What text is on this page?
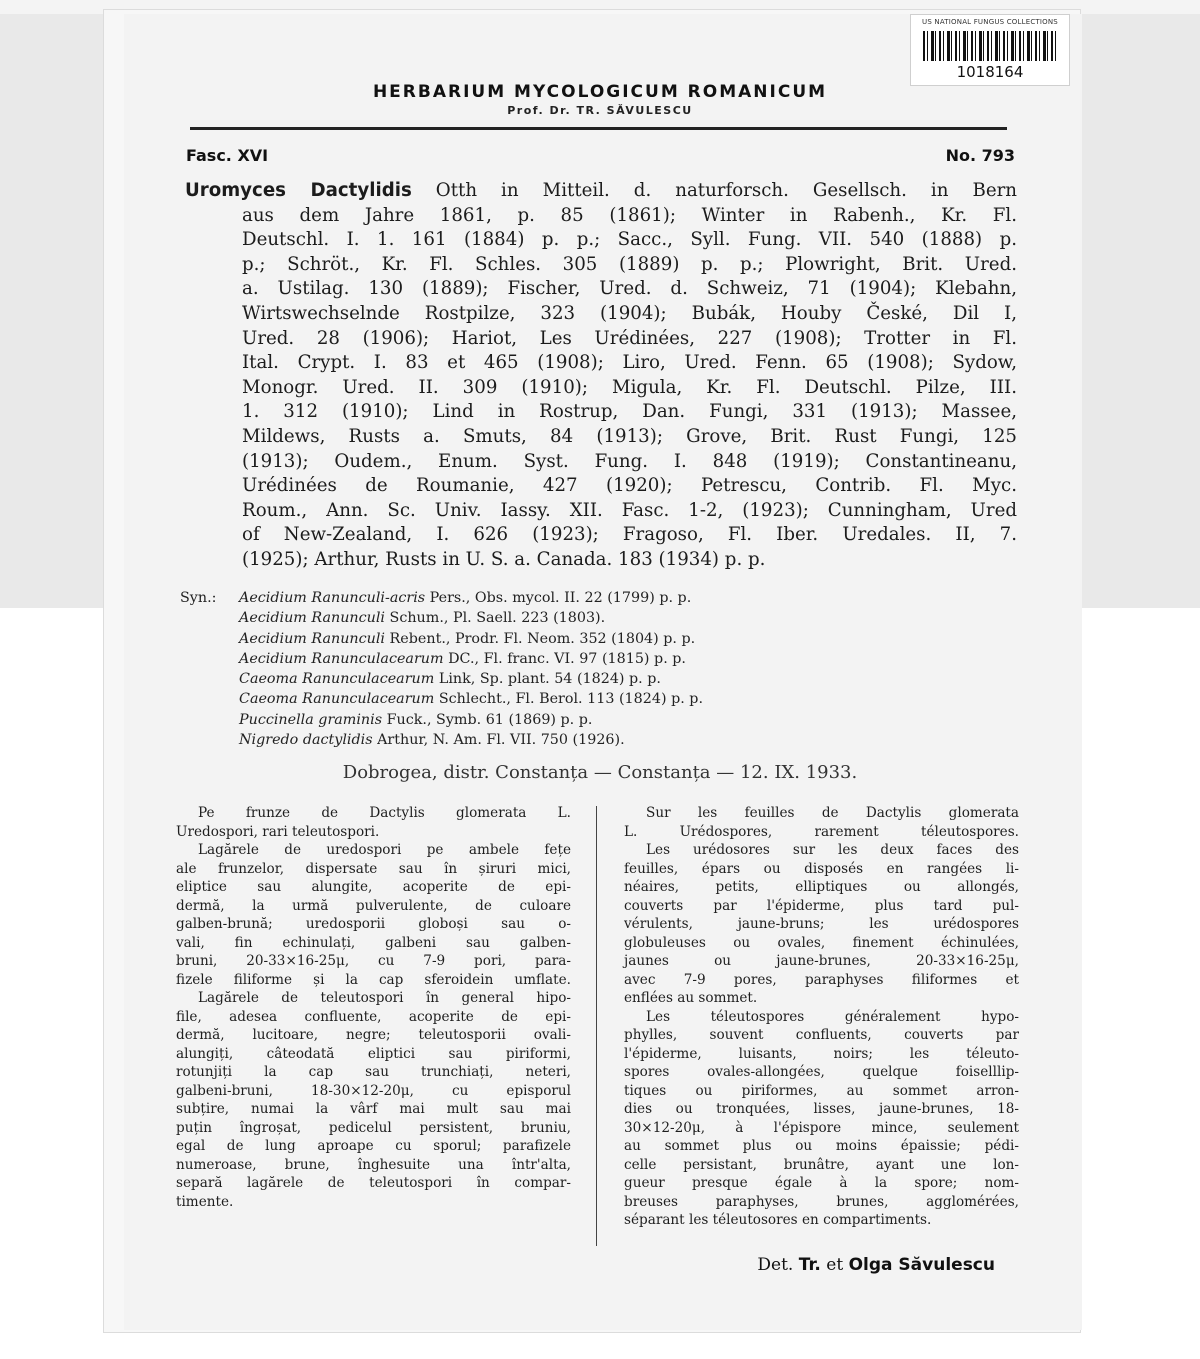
US NATIONAL FUNGUS COLLECTIONS
1018164
HERBARIUM MYCOLOGICUM ROMANICUM
Prof. Dr. TR. SĂVULESCU
Fasc. XVI	No. 793
Uromyces Dactylidis Otth in Mitteil. d. naturforsch. Gesellsch. in Bern
aus dem Jahre 1861, p. 85 (1861); Winter in Rabenh., Kr. Fl.
Deutschl. I. 1. 161 (1884) p. p.; Sacc., Syll. Fung. VII. 540 (1888) p.
p.; Schröt., Kr. Fl. Schles. 305 (1889) p. p.; Plowright, Brit. Ured.
a. Ustilag. 130 (1889); Fischer, Ured. d. Schweiz, 71 (1904); Klebahn,
Wirtswechselnde Rostpilze, 323 (1904); Bubák, Houby České, Dil I,
Ured. 28 (1906); Hariot, Les Urédinées, 227 (1908); Trotter in Fl.
Ital. Crypt. I. 83 et 465 (1908); Liro, Ured. Fenn. 65 (1908); Sydow,
Monogr. Ured. II. 309 (1910); Migula, Kr. Fl. Deutschl. Pilze, III.
1. 312 (1910); Lind in Rostrup, Dan. Fungi, 331 (1913); Massee,
Mildews, Rusts a. Smuts, 84 (1913); Grove, Brit. Rust Fungi, 125
(1913); Oudem., Enum. Syst. Fung. I. 848 (1919); Constantineanu,
Urédinées de Roumanie, 427 (1920); Petrescu, Contrib. Fl. Myc.
Roum., Ann. Sc. Univ. Iassy. XII. Fasc. 1-2, (1923); Cunningham, Ured
of New-Zealand, I. 626 (1923); Fragoso, Fl. Iber. Uredales. II, 7.
(1925); Arthur, Rusts in U. S. a. Canada. 183 (1934) p. p.
Syn.: Aecidium Ranunculi-acris Pers., Obs. mycol. II. 22 (1799) p. p.
Aecidium Ranunculi Schum., Pl. Saell. 223 (1803).
Aecidium Ranunculi Rebent., Prodr. Fl. Neom. 352 (1804) p. p.
Aecidium Ranunculacearum DC., Fl. franc. VI. 97 (1815) p. p.
Caeoma Ranunculacearum Link, Sp. plant. 54 (1824) p. p.
Caeoma Ranunculacearum Schlecht., Fl. Berol. 113 (1824) p. p.
Puccinella graminis Fuck., Symb. 61 (1869) p. p.
Nigredo dactylidis Arthur, N. Am. Fl. VII. 750 (1926).
Dobrogea, distr. Constanța — Constanța — 12. IX. 1933.
Pe frunze de Dactylis glomerata L.
Uredospori, rari teleutospori.
Lagărele de uredospori pe ambele fețe
ale frunzelor, dispersate sau în șiruri mici,
eliptice sau alungite, acoperite de epi-
dermă, la urmă pulverulente, de culoare
galben-brună; uredosporii globoși sau o-
vali, fin echinulați, galbeni sau galben-
bruni, 20-33×16-25μ, cu 7-9 pori, para-
fizele filiforme și la cap sferoidein umflate.
Lagărele de teleutospori în general hipo-
file, adesea confluente, acoperite de epi-
dermă, lucitoare, negre; teleutosporii ovali-
alungiți, câteodată eliptici sau piriformi,
rotunjiți la cap sau trunchiați, neteri,
galbeni-bruni, 18-30×12-20μ, cu episporul
subțire, numai la vârf mai mult sau mai
puțin îngroșat, pedicelul persistent, bruniu,
egal de lung aproape cu sporul; parafizele
numeroase, brune, înghesuite una într'alta,
separă lagărele de teleutospori în compar-
timente.
Sur les feuilles de Dactylis glomerata
L. Urédospores, rarement téleutospores.
Les urédosores sur les deux faces des
feuilles, épars ou disposés en rangées li-
néaires, petits, elliptiques ou allongés,
couverts par l'épiderme, plus tard pul-
vérulents, jaune-bruns; les urédospores
globuleuses ou ovales, finement échinulées,
jaunes ou jaune-brunes, 20-33×16-25μ,
avec 7-9 pores, paraphyses filiformes et
enflées au sommet.
Les téleutospores généralement hypo-
phylles, souvent confluents, couverts par
l'épiderme, luisants, noirs; les téleuto-
spores ovales-allongées, quelque foiselllip-
tiques ou piriformes, au sommet arron-
dies ou tronquées, lisses, jaune-brunes, 18-
30×12-20μ, à l'épispore mince, seulement
au sommet plus ou moins épaissie; pédi-
celle persistant, brunâtre, ayant une lon-
gueur presque égale à la spore; nom-
breuses paraphyses, brunes, agglomérées,
séparant les téleutosores en compartiments.
Det. Tr. et Olga Săvulescu
